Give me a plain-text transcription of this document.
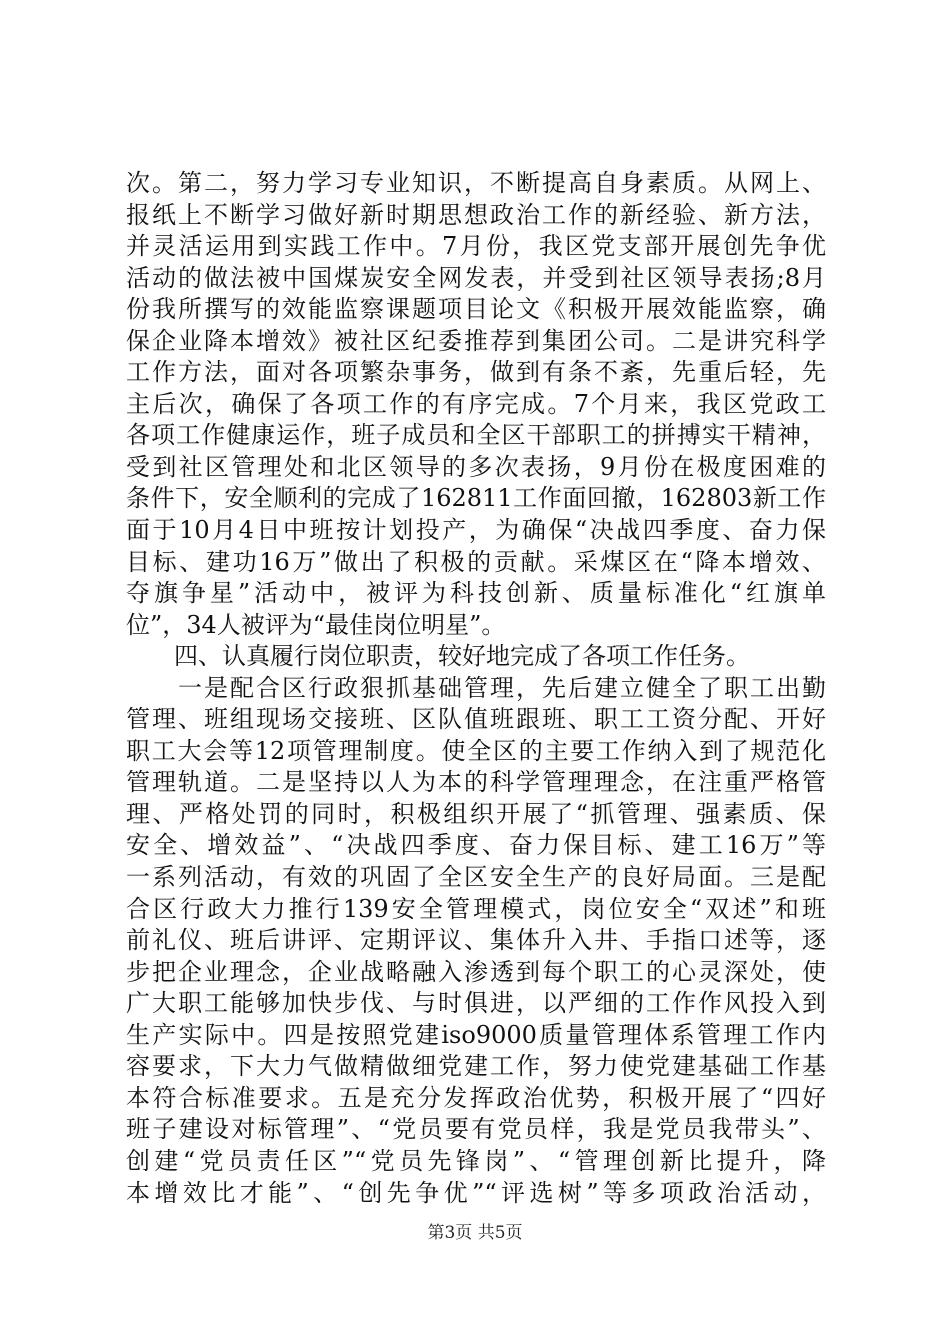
次。第二，努力学习专业知识，不断提高自身素质。从网上、
报纸上不断学习做好新时期思想政治工作的新经验、新方法，
并灵活运用到实践工作中。7月份，我区党支部开展创先争优
活动的做法被中国煤炭安全网发表，并受到社区领导表扬;8月
份我所撰写的效能监察课题项目论文《积极开展效能监察，确
保企业降本增效》被社区纪委推荐到集团公司。二是讲究科学
工作方法，面对各项繁杂事务，做到有条不紊，先重后轻，先
主后次，确保了各项工作的有序完成。7个月来，我区党政工
各项工作健康运作，班子成员和全区干部职工的拼搏实干精神，
受到社区管理处和北区领导的多次表扬，9月份在极度困难的
条件下，安全顺利的完成了162811工作面回撤，162803新工作
面于10月4日中班按计划投产，为确保“决战四季度、奋力保
目标、建功16万”做出了积极的贡献。采煤区在“降本增效、
夺旗争星”活动中，被评为科技创新、质量标准化“红旗单
位”，34人被评为“最佳岗位明星”。
　　四、认真履行岗位职责，较好地完成了各项工作任务。
　　一是配合区行政狠抓基础管理，先后建立健全了职工出勤
管理、班组现场交接班、区队值班跟班、职工工资分配、开好
职工大会等12项管理制度。使全区的主要工作纳入到了规范化
管理轨道。二是坚持以人为本的科学管理理念，在注重严格管
理、严格处罚的同时，积极组织开展了“抓管理、强素质、保
安全、增效益”、“决战四季度、奋力保目标、建工16万”等
一系列活动，有效的巩固了全区安全生产的良好局面。三是配
合区行政大力推行139安全管理模式，岗位安全“双述”和班
前礼仪、班后讲评、定期评议、集体升入井、手指口述等，逐
步把企业理念，企业战略融入渗透到每个职工的心灵深处，使
广大职工能够加快步伐、与时俱进，以严细的工作作风投入到
生产实际中。四是按照党建iso9000质量管理体系管理工作内
容要求，下大力气做精做细党建工作，努力使党建基础工作基
本符合标准要求。五是充分发挥政治优势，积极开展了“四好
班子建设对标管理”、“党员要有党员样，我是党员我带头”、
创建“党员责任区”“党员先锋岗”、“管理创新比提升，降
本增效比才能”、“创先争优”“评选树”等多项政治活动，
第3页 共5页
